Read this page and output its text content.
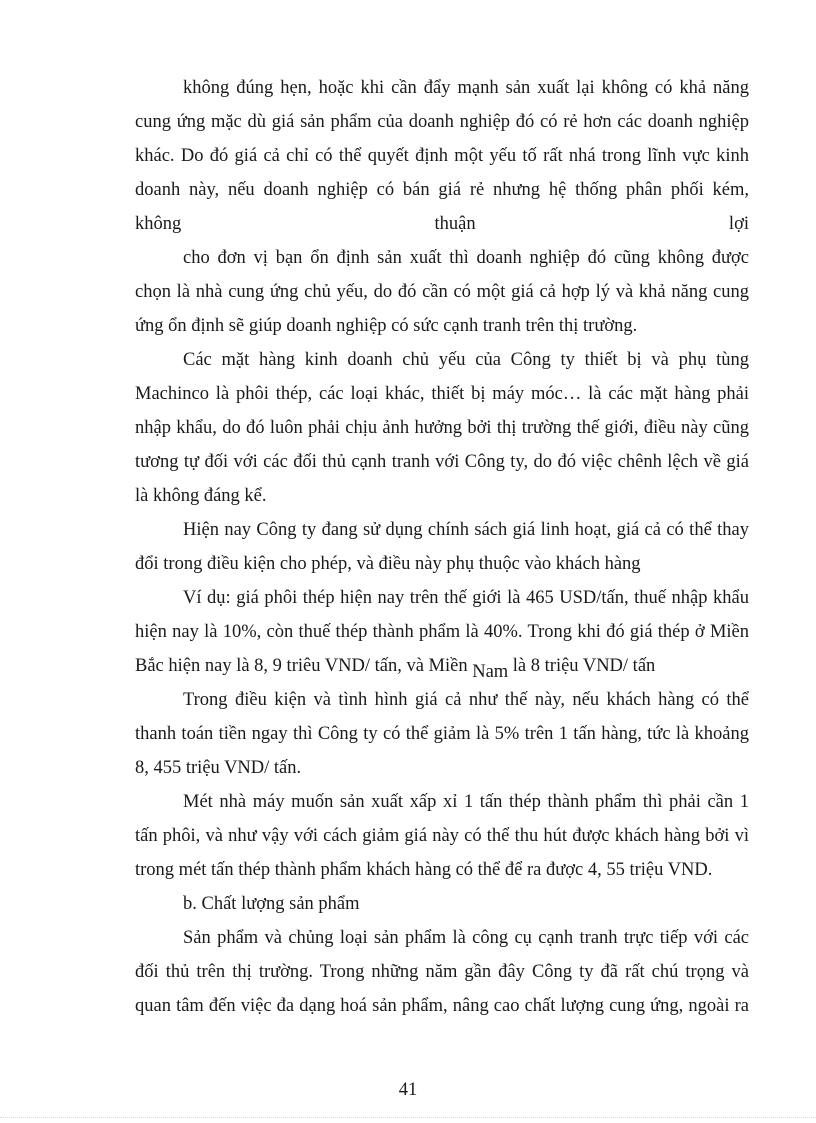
không đúng hẹn, hoặc khi cần đẩy mạnh sản xuất lại không có khả năng
cung ứng mặc dù giá sản phẩm của doanh nghiệp đó có rẻ hơn các doanh nghiệp
khác. Do đó giá cả chỉ có thể quyết định một yếu tố rất nhá trong lĩnh vực kinh
doanh này, nếu doanh nghiệp có bán giá rẻ nhưng hệ thống phân phối kém,
không thuận lợi
cho đơn vị bạn ổn định sản xuất thì doanh nghiệp đó cũng không được
chọn là nhà cung ứng chủ yếu, do đó cần có một giá cả hợp lý và khả năng cung
ứng ổn định sẽ giúp doanh nghiệp có sức cạnh tranh trên thị trường.
Các mặt hàng kinh doanh chủ yếu của Công ty thiết bị và phụ tùng
Machinco là phôi thép, các loại khác, thiết bị máy móc… là các mặt hàng phải
nhập khẩu, do đó luôn phải chịu ảnh hưởng bởi thị trường thế giới, điều này cũng
tương tự đối với các đối thủ cạnh tranh với Công ty, do đó việc chênh lệch về giá
là không đáng kể.
Hiện nay Công ty đang sử dụng chính sách giá linh hoạt, giá cả có thể thay
đổi trong điều kiện cho phép, và điều này phụ thuộc vào khách hàng
Ví dụ: giá phôi thép hiện nay trên thế giới là 465 USD/tấn, thuế nhập khẩu
hiện nay là 10%, còn thuế thép thành phẩm là 40%. Trong khi đó giá thép ở Miền
Bắc hiện nay là 8, 9 triêu VND/ tấn, và Miền Nam là 8 triệu VND/ tấn
Trong điều kiện và tình hình giá cả như thế này, nếu khách hàng có thể
thanh toán tiền ngay thì Công ty có thể giảm là 5% trên 1 tấn hàng, tức là khoảng
8, 455 triệu VND/ tấn.
Mét nhà máy muốn sản xuất xấp xỉ 1 tấn thép thành phẩm thì phải cần 1
tấn phôi, và như vậy với cách giảm giá này có thể thu hút được khách hàng bởi vì
trong mét tấn thép thành phẩm khách hàng có thể để ra được 4, 55 triệu VND.
b. Chất lượng sản phẩm
Sản phẩm và chủng loại sản phẩm là công cụ cạnh tranh trực tiếp với các
đối thủ trên thị trường. Trong những năm gần đây Công ty đã rất chú trọng và
quan tâm đến việc đa dạng hoá sản phẩm, nâng cao chất lượng cung ứng, ngoài ra
41
